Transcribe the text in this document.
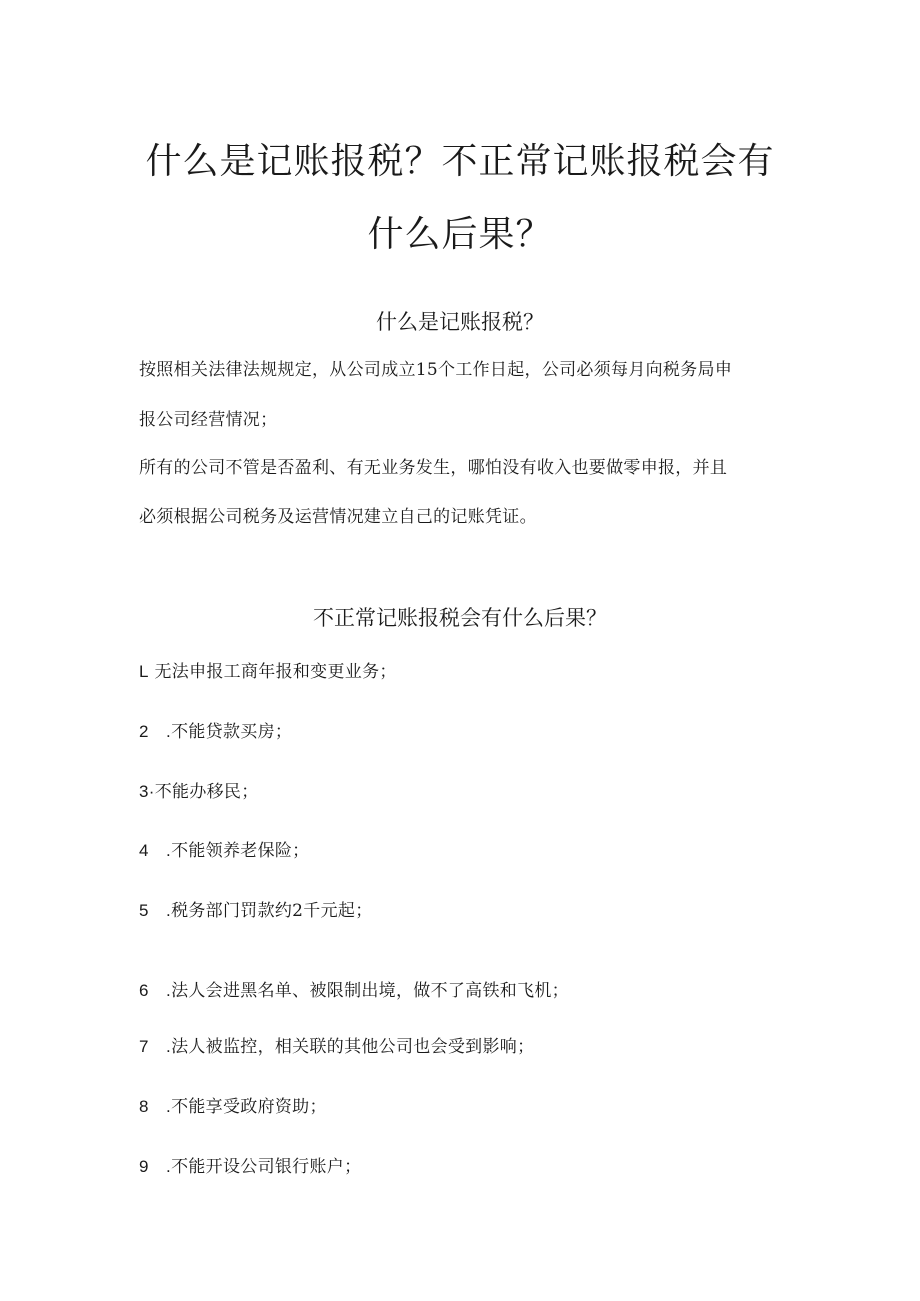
什么是记账报税？不正常记账报税会有
什么后果？
什么是记账报税？
按照相关法律法规规定，从公司成立15个工作日起，公司必须每月向税务局申
报公司经营情况；
所有的公司不管是否盈利、有无业务发生，哪怕没有收入也要做零申报，并且
必须根据公司税务及运营情况建立自己的记账凭证。
不正常记账报税会有什么后果？
L 无法申报工商年报和变更业务；
2　.不能贷款买房；
3·不能办移民；
4　.不能领养老保险；
5　.税务部门罚款约2千元起；
6　.法人会进黑名单、被限制出境，做不了高铁和飞机；
7　.法人被监控，相关联的其他公司也会受到影响；
8　.不能享受政府资助；
9　.不能开设公司银行账户；
